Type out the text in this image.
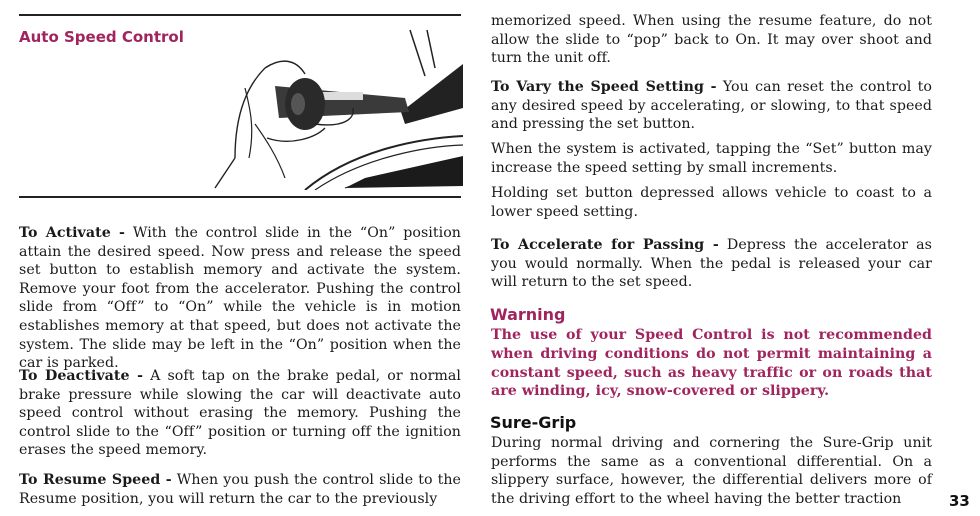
Auto Speed Control

To Activate - With the control slide in the “On” position attain the desired speed. Now press and release the speed set button to establish memory and activate the system. Remove your foot from the accelerator. Pushing the control slide from “Off” to “On” while the vehicle is in motion establishes memory at that speed, but does not activate the system. The slide may be left in the “On” position when the car is parked.

To Deactivate - A soft tap on the brake pedal, or normal brake pressure while slowing the car will deactivate auto speed control without erasing the memory. Pushing the control slide to the “Off” position or turning off the ignition erases the speed memory.

To Resume Speed - When you push the control slide to the Resume position, you will return the car to the previously

memorized speed. When using the resume feature, do not allow the slide to “pop” back to On. It may over shoot and turn the unit off.

To Vary the Speed Setting - You can reset the control to any desired speed by accelerating, or slowing, to that speed and pressing the set button.

When the system is activated, tapping the “Set” button may increase the speed setting by small increments.

Holding set button depressed allows vehicle to coast to a lower speed setting.

To Accelerate for Passing - Depress the accelerator as you would normally. When the pedal is released your car will return to the set speed.

Warning

The use of your Speed Control is not recommended when driving conditions do not permit maintaining a constant speed, such as heavy traffic or on roads that are winding, icy, snow-covered or slippery.

Sure-Grip

During normal driving and cornering the Sure-Grip unit performs the same as a conventional differential. On a slippery surface, however, the differential delivers more of the driving effort to the wheel having the better traction	33
